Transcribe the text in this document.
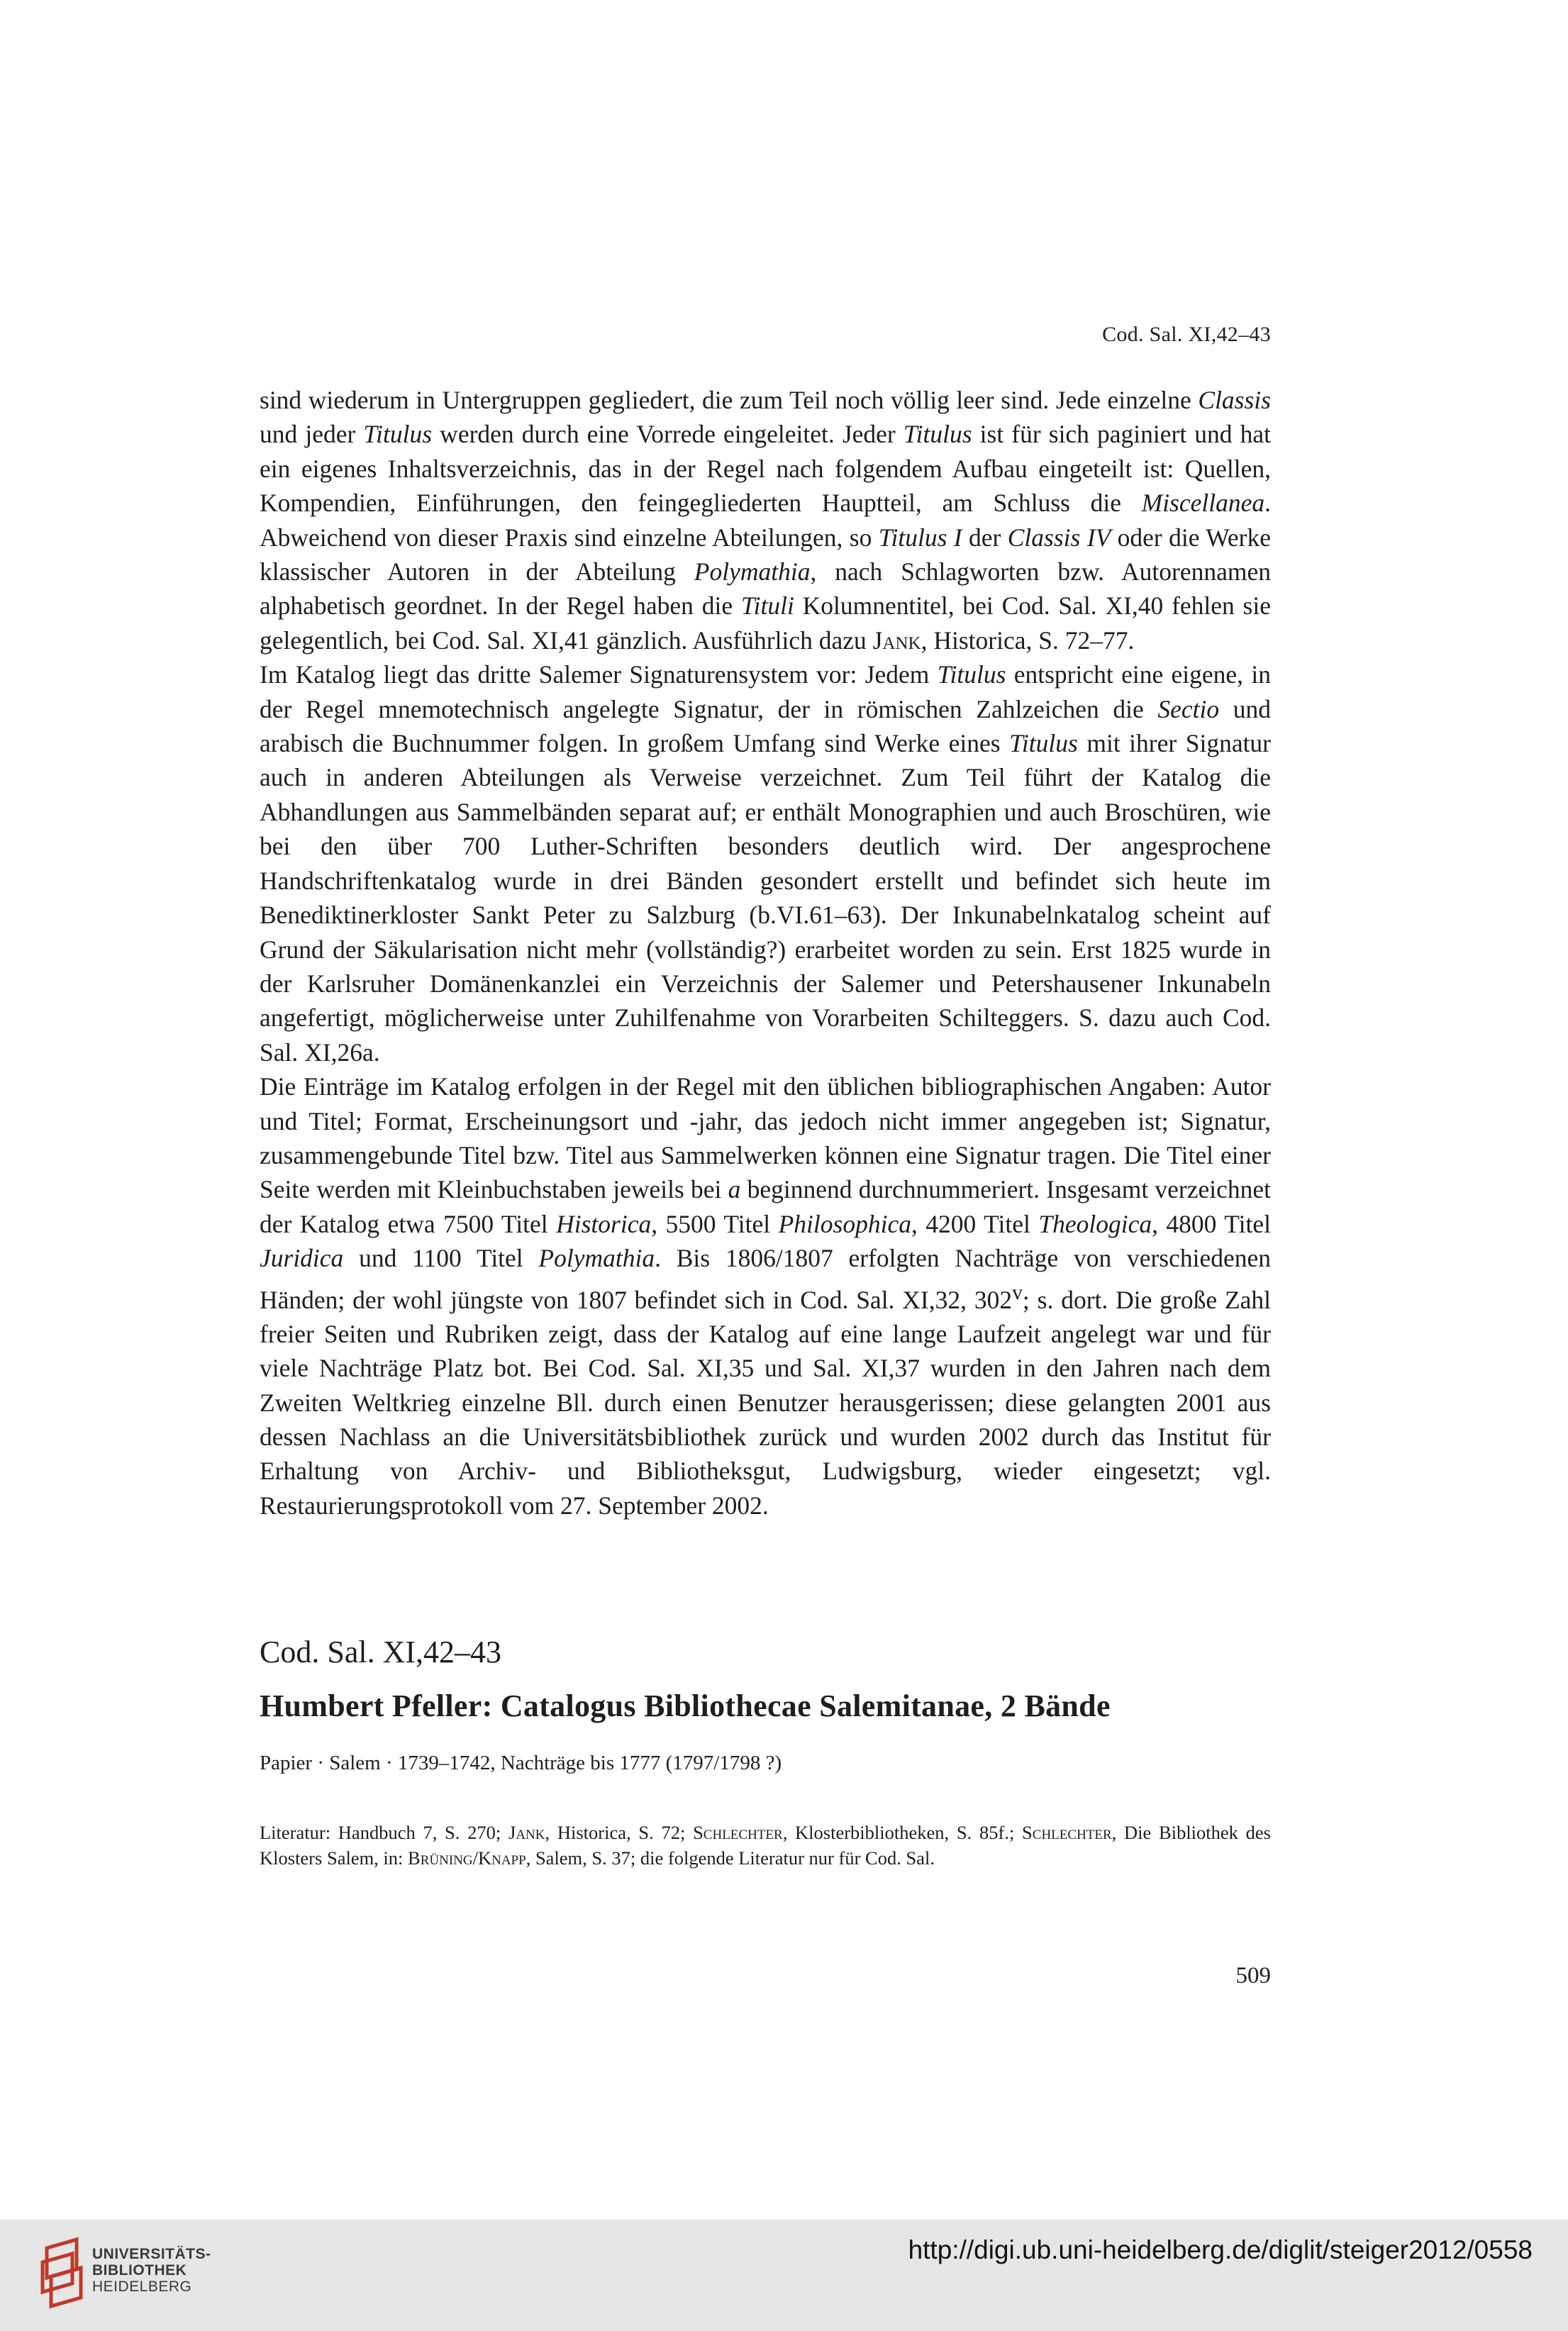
Cod. Sal. XI,42–43

sind wiederum in Untergruppen gegliedert, die zum Teil noch völlig leer sind. Jede einzelne Classis und jeder Titulus werden durch eine Vorrede eingeleitet. Jeder Titulus ist für sich paginiert und hat ein eigenes Inhaltsverzeichnis, das in der Regel nach folgendem Aufbau eingeteilt ist: Quellen, Kompendien, Einführungen, den feingegliederten Hauptteil, am Schluss die Miscellanea. Abweichend von dieser Praxis sind einzelne Abteilungen, so Titulus I der Classis IV oder die Werke klassischer Autoren in der Abteilung Polymathia, nach Schlagworten bzw. Autorennamen alphabetisch geordnet. In der Regel haben die Tituli Kolumnentitel, bei Cod. Sal. XI,40 fehlen sie gelegentlich, bei Cod. Sal. XI,41 gänzlich. Ausführlich dazu Jank, Historica, S. 72–77.

Im Katalog liegt das dritte Salemer Signaturensystem vor: Jedem Titulus entspricht eine eigene, in der Regel mnemotechnisch angelegte Signatur, der in römischen Zahlzeichen die Sectio und arabisch die Buchnummer folgen. In großem Umfang sind Werke eines Titulus mit ihrer Signatur auch in anderen Abteilungen als Verweise verzeichnet. Zum Teil führt der Katalog die Abhandlungen aus Sammelbänden separat auf; er enthält Monographien und auch Broschüren, wie bei den über 700 Luther-Schriften besonders deutlich wird. Der angesprochene Handschriftenkatalog wurde in drei Bänden gesondert erstellt und befindet sich heute im Benediktinerkloster Sankt Peter zu Salzburg (b.VI.61–63). Der Inkunabelnkatalog scheint auf Grund der Säkularisation nicht mehr (vollständig?) erarbeitet worden zu sein. Erst 1825 wurde in der Karlsruher Domänenkanzlei ein Verzeichnis der Salemer und Petershausener Inkunabeln angefertigt, möglicherweise unter Zuhilfenahme von Vorarbeiten Schilteggers. S. dazu auch Cod. Sal. XI,26a.

Die Einträge im Katalog erfolgen in der Regel mit den üblichen bibliographischen Angaben: Autor und Titel; Format, Erscheinungsort und -jahr, das jedoch nicht immer angegeben ist; Signatur, zusammengebunde Titel bzw. Titel aus Sammelwerken können eine Signatur tragen. Die Titel einer Seite werden mit Kleinbuchstaben jeweils bei a beginnend durchnummeriert. Insgesamt verzeichnet der Katalog etwa 7500 Titel Historica, 5500 Titel Philosophica, 4200 Titel Theologica, 4800 Titel Juridica und 1100 Titel Polymathia. Bis 1806/1807 erfolgten Nachträge von verschiedenen Händen; der wohl jüngste von 1807 befindet sich in Cod. Sal. XI,32, 302$^v$; s. dort. Die große Zahl freier Seiten und Rubriken zeigt, dass der Katalog auf eine lange Laufzeit angelegt war und für viele Nachträge Platz bot. Bei Cod. Sal. XI,35 und Sal. XI,37 wurden in den Jahren nach dem Zweiten Weltkrieg einzelne Bll. durch einen Benutzer herausgerissen; diese gelangten 2001 aus dessen Nachlass an die Universitätsbibliothek zurück und wurden 2002 durch das Institut für Erhaltung von Archiv- und Bibliotheksgut, Ludwigsburg, wieder eingesetzt; vgl. Restaurierungsprotokoll vom 27. September 2002.

Cod. Sal. XI,42–43
Humbert Pfeller: Catalogus Bibliothecae Salemitanae, 2 Bände

Papier · Salem · 1739–1742, Nachträge bis 1777 (1797/1798 ?)

Literatur: Handbuch 7, S. 270; Jank, Historica, S. 72; Schlechter, Klosterbibliotheken, S. 85f.; Schlechter, Die Bibliothek des Klosters Salem, in: Brüning/Knapp, Salem, S. 37; die folgende Literatur nur für Cod. Sal.

509
UNIVERSITÄTS-
BIBLIOTHEK
HEIDELBERG
http://digi.ub.uni-heidelberg.de/diglit/steiger2012/0558
